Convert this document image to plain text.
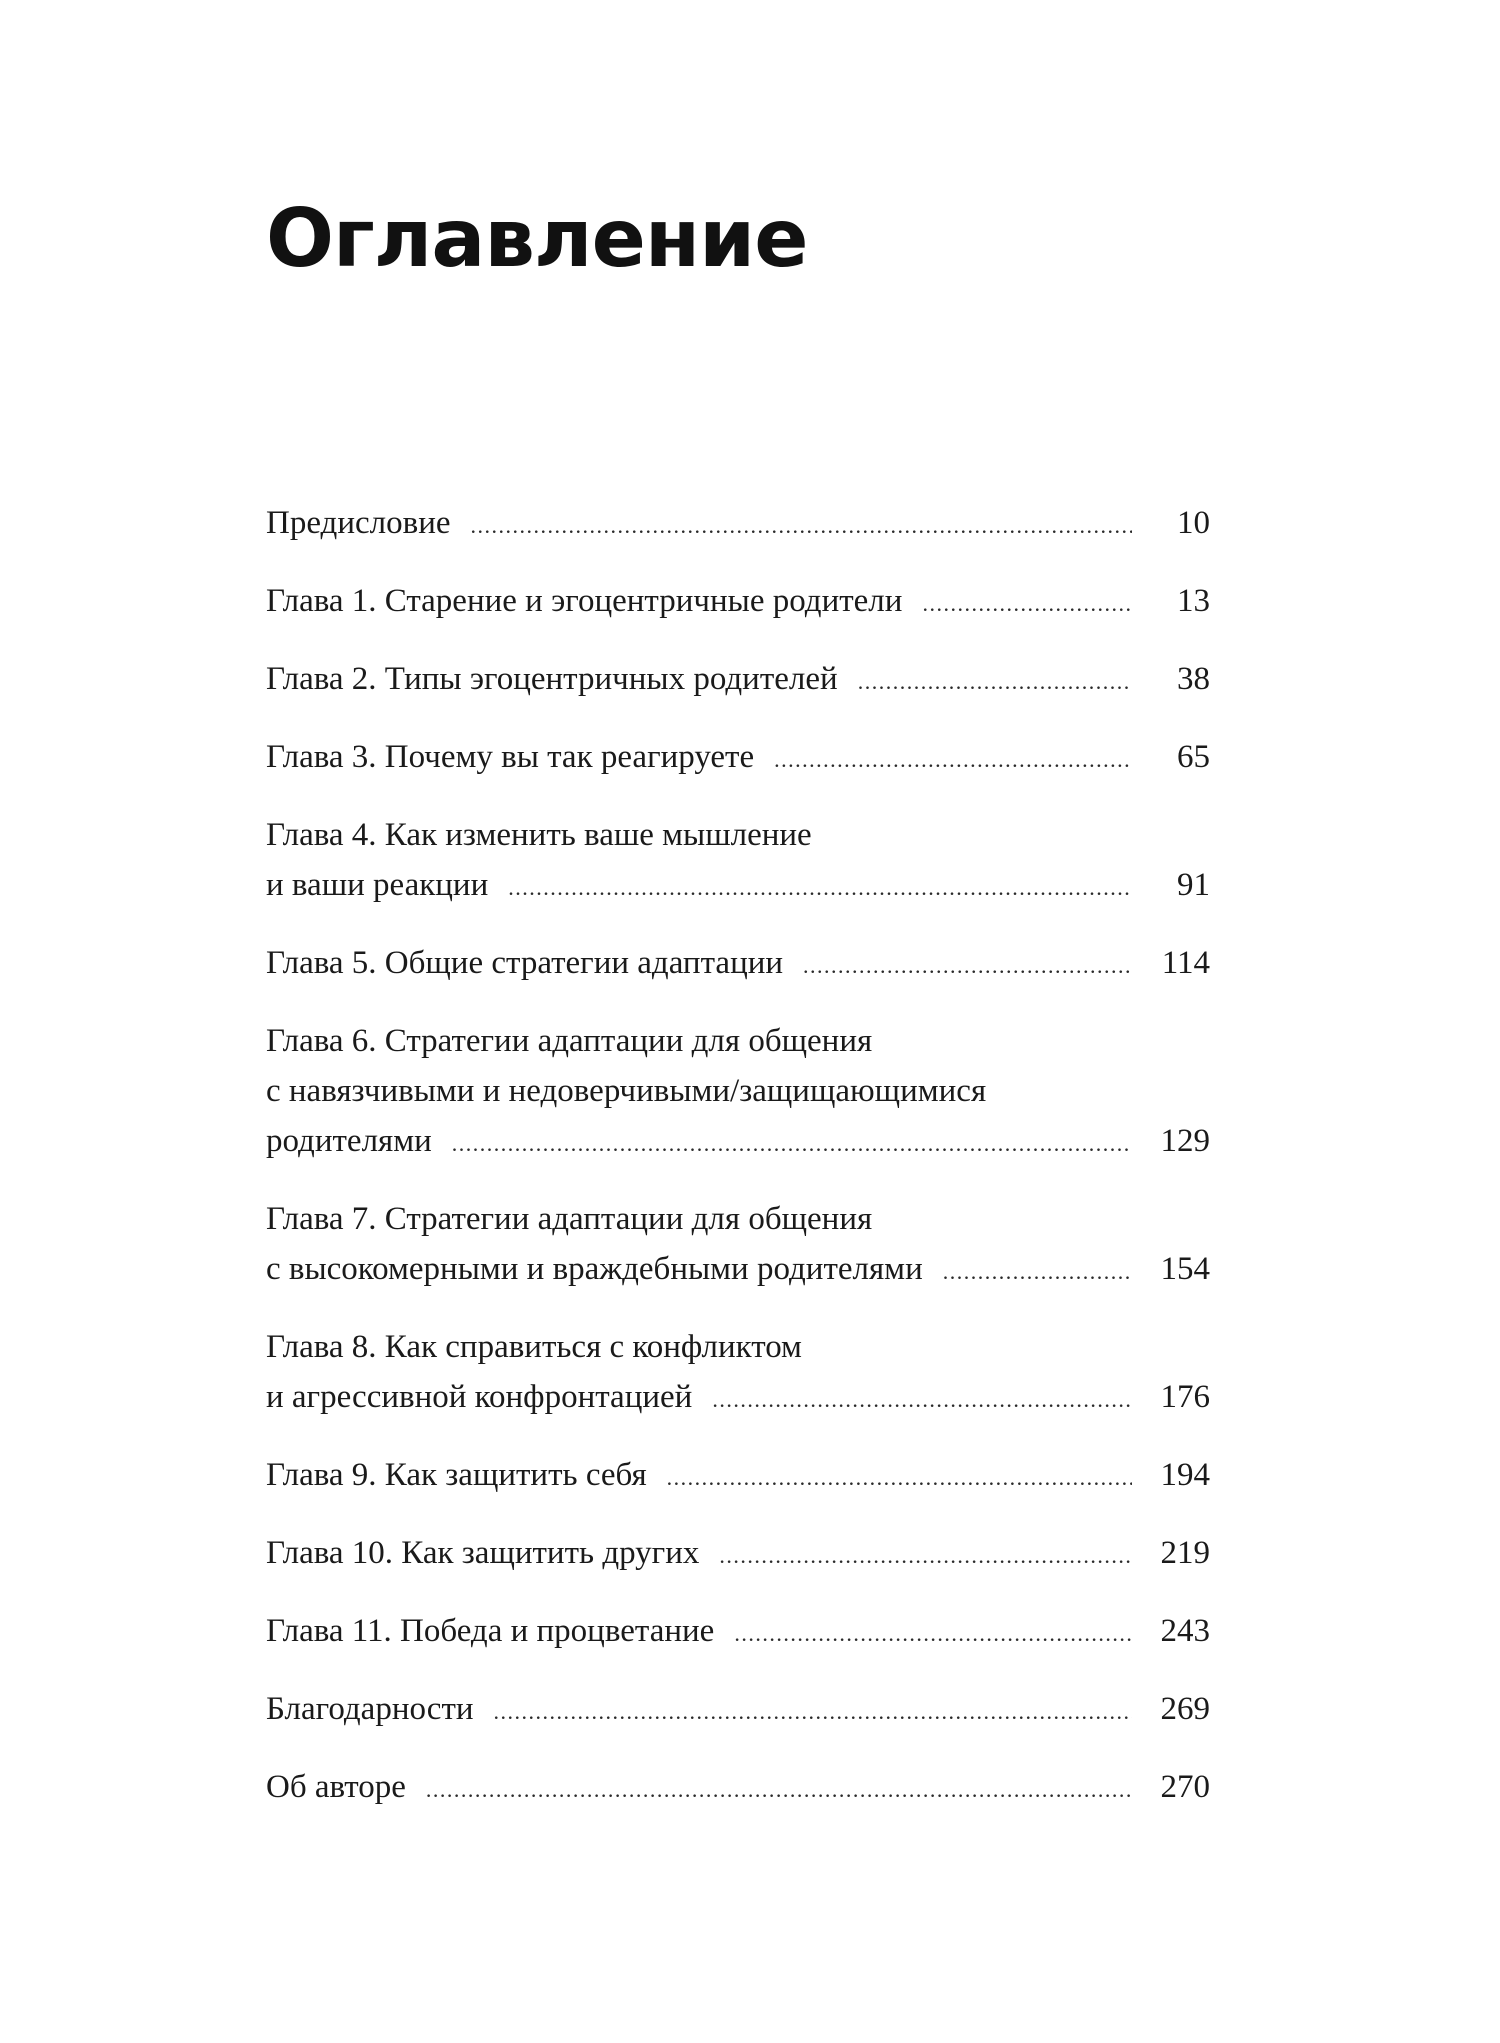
Оглавление
Предисловие .....	10
Глава 1. Старение и эгоцентричные родители .....	13
Глава 2. Типы эгоцентричных родителей .....	38
Глава 3. Почему вы так реагируете .....	65
Глава 4. Как изменить ваше мышление
и ваши реакции .....	91
Глава 5. Общие стратегии адаптации .....	114
Глава 6. Стратегии адаптации для общения
с навязчивыми и недоверчивыми/защищающимися
родителями .....	129
Глава 7. Стратегии адаптации для общения
с высокомерными и враждебными родителями .....	154
Глава 8. Как справиться с конфликтом
и агрессивной конфронтацией .....	176
Глава 9. Как защитить себя .....	194
Глава 10. Как защитить других .....	219
Глава 11. Победа и процветание .....	243
Благодарности .....	269
Об авторе .....	270
